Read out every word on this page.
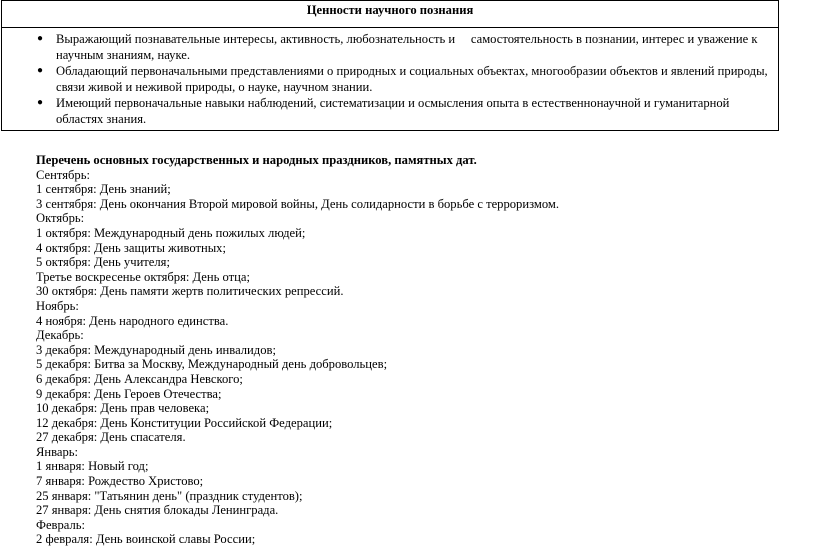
Ценности научного познания

● Выражающий познавательные интересы, активность, любознательность и     самостоятельность в познании, интерес и уважение к научным знаниям, науке.
● Обладающий первоначальными представлениями о природных и социальных объектах, многообразии объектов и явлений природы, связи живой и неживой природы, о науке, научном знании.
● Имеющий первоначальные навыки наблюдений, систематизации и осмысления опыта в естественнонаучной и гуманитарной областях знания.
Перечень основных государственных и народных праздников, памятных дат.
Сентябрь:
1 сентября: День знаний;
3 сентября: День окончания Второй мировой войны, День солидарности в борьбе с терроризмом.
Октябрь:
1 октября: Международный день пожилых людей;
4 октября: День защиты животных;
5 октября: День учителя;
Третье воскресенье октября: День отца;
30 октября: День памяти жертв политических репрессий.
Ноябрь:
4 ноября: День народного единства.
Декабрь:
3 декабря: Международный день инвалидов;
5 декабря: Битва за Москву, Международный день добровольцев;
6 декабря: День Александра Невского;
9 декабря: День Героев Отечества;
10 декабря: День прав человека;
12 декабря: День Конституции Российской Федерации;
27 декабря: День спасателя.
Январь:
1 января: Новый год;
7 января: Рождество Христово;
25 января: "Татьянин день" (праздник студентов);
27 января: День снятия блокады Ленинграда.
Февраль:
2 февраля: День воинской славы России;
